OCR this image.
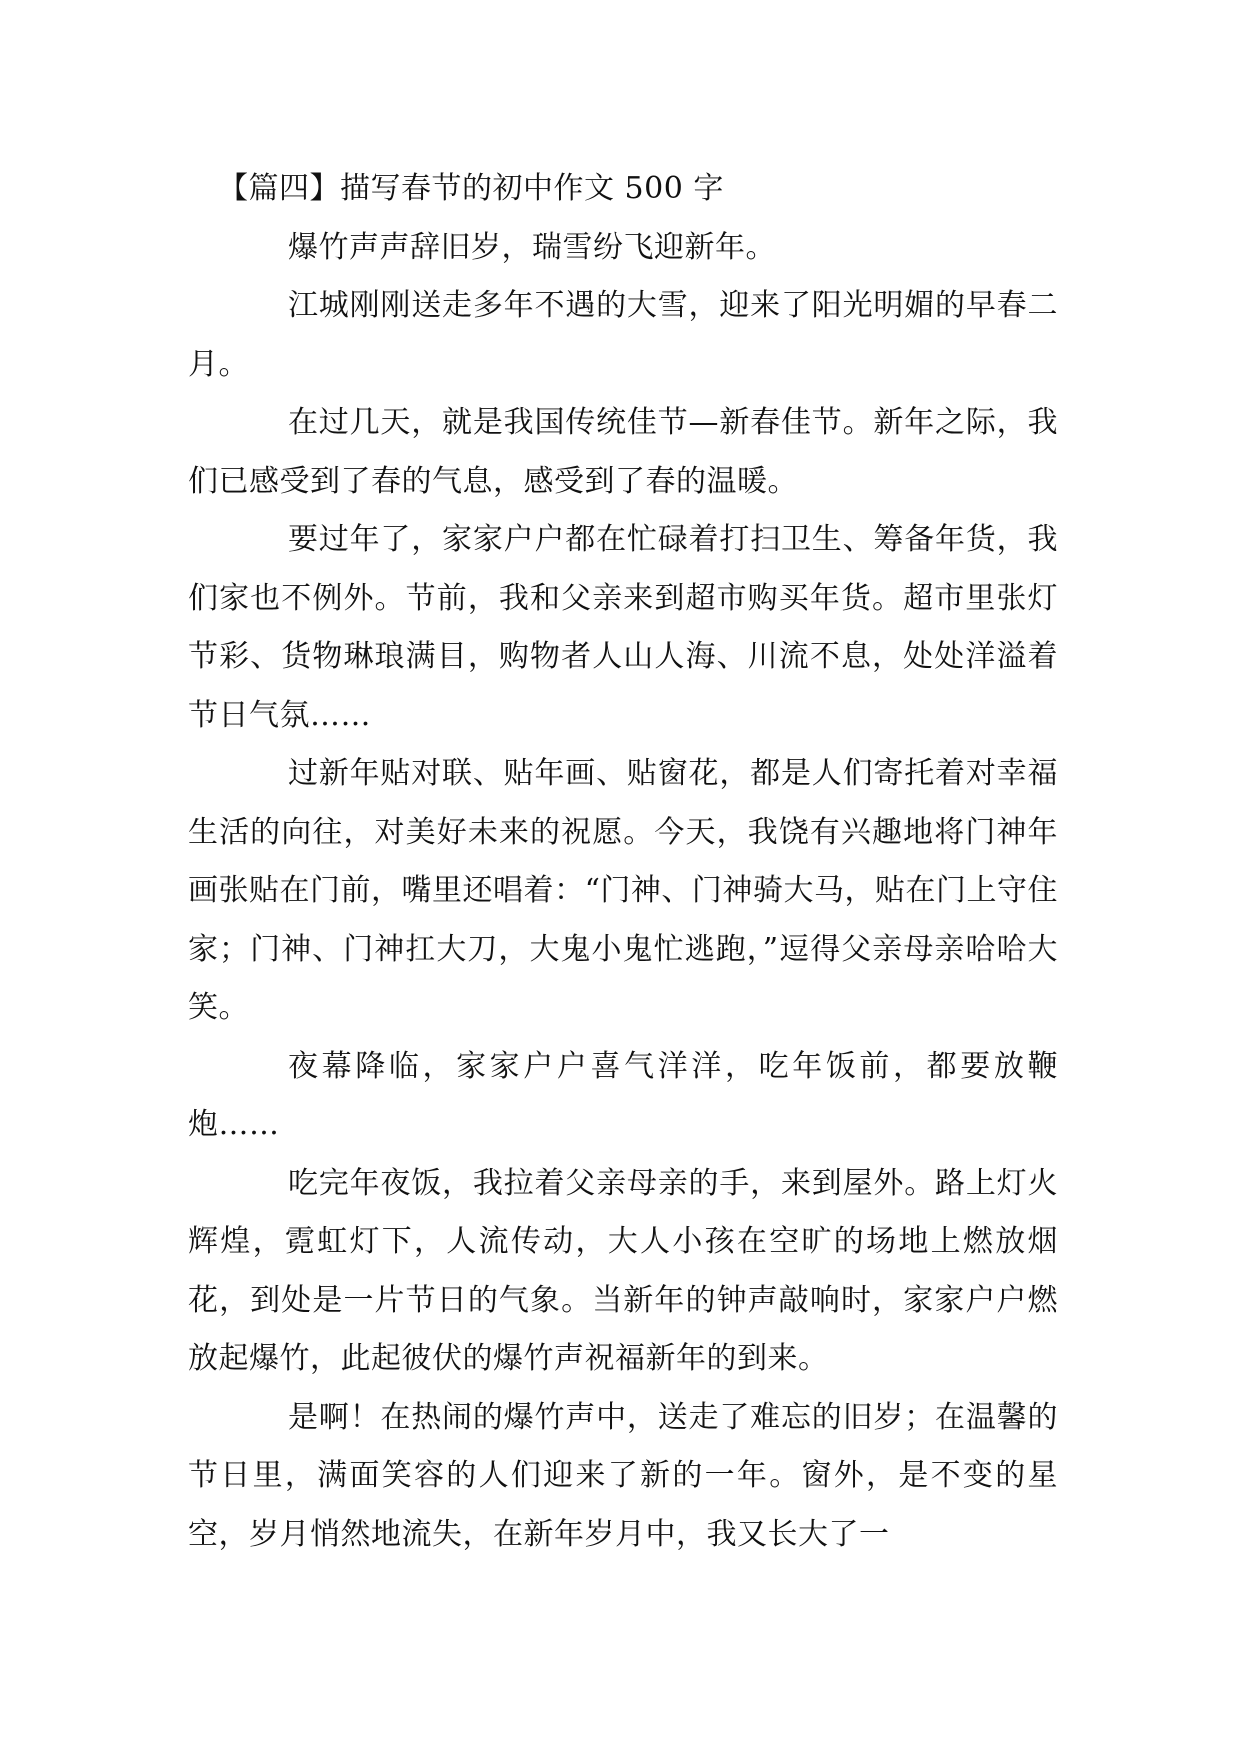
【篇四】描写春节的初中作文 500 字

爆竹声声辞旧岁，瑞雪纷飞迎新年。

江城刚刚送走多年不遇的大雪，迎来了阳光明媚的早春二月。

在过几天，就是我国传统佳节—新春佳节。新年之际，我们已感受到了春的气息，感受到了春的温暖。

要过年了，家家户户都在忙碌着打扫卫生、筹备年货，我们家也不例外。节前，我和父亲来到超市购买年货。超市里张灯节彩、货物琳琅满目，购物者人山人海、川流不息，处处洋溢着节日气氛……

过新年贴对联、贴年画、贴窗花，都是人们寄托着对幸福生活的向往，对美好未来的祝愿。今天，我饶有兴趣地将门神年画张贴在门前，嘴里还唱着：“门神、门神骑大马，贴在门上守住家；门神、门神扛大刀，大鬼小鬼忙逃跑，”逗得父亲母亲哈哈大笑。

夜幕降临，家家户户喜气洋洋，吃年饭前，都要放鞭炮……

吃完年夜饭，我拉着父亲母亲的手，来到屋外。路上灯火辉煌，霓虹灯下，人流传动，大人小孩在空旷的场地上燃放烟花，到处是一片节日的气象。当新年的钟声敲响时，家家户户燃放起爆竹，此起彼伏的爆竹声祝福新年的到来。

是啊！在热闹的爆竹声中，送走了难忘的旧岁；在温馨的节日里，满面笑容的人们迎来了新的一年。窗外，是不变的星空，岁月悄然地流失，在新年岁月中，我又长大了一
